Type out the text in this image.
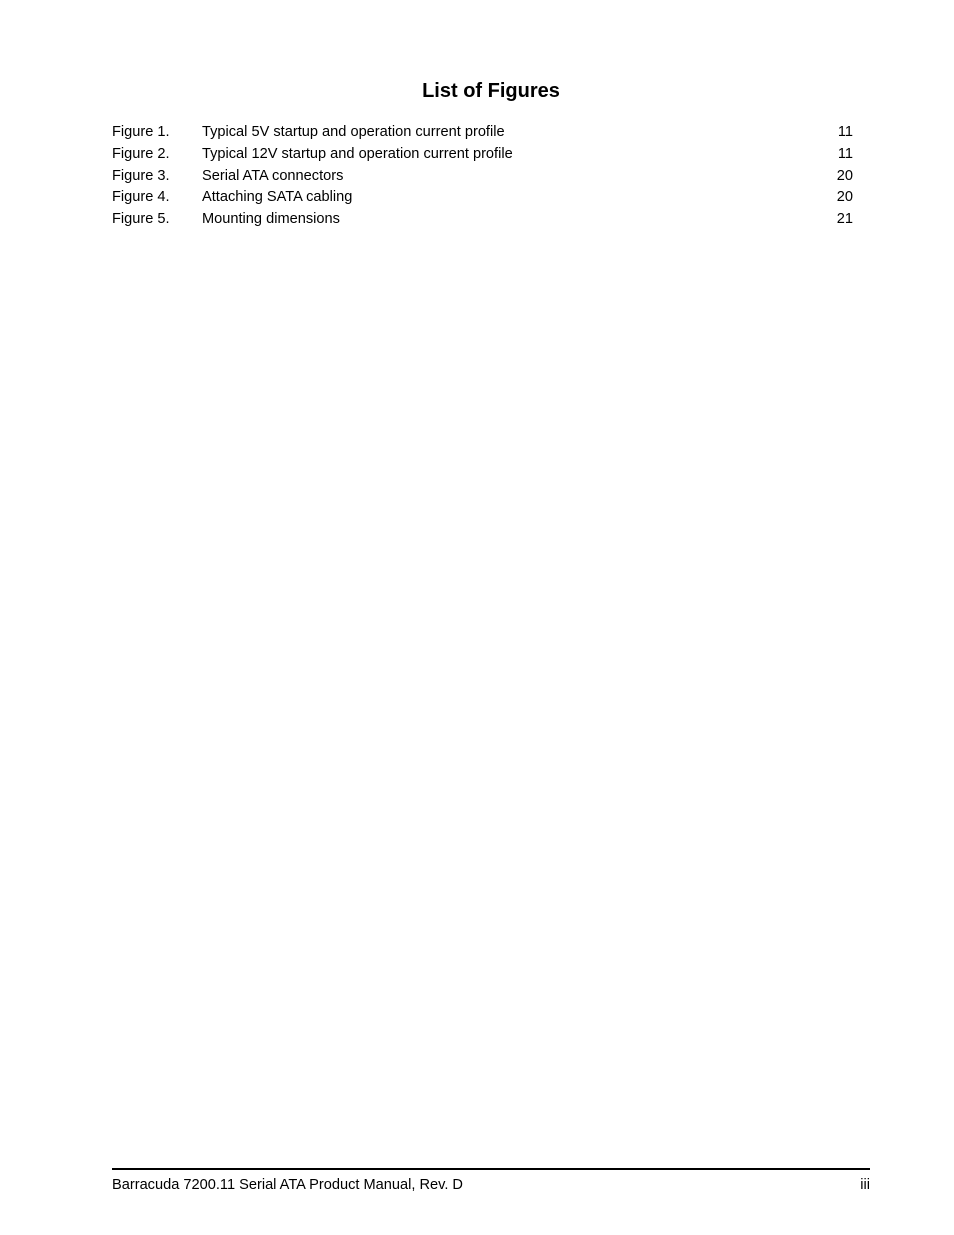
List of Figures
Figure 1.	Typical 5V startup and operation current profile	11
Figure 2.	Typical 12V startup and operation current profile	11
Figure 3.	Serial ATA connectors	20
Figure 4.	Attaching SATA cabling	20
Figure 5.	Mounting dimensions	21
Barracuda 7200.11 Serial ATA Product Manual, Rev. D	iii
